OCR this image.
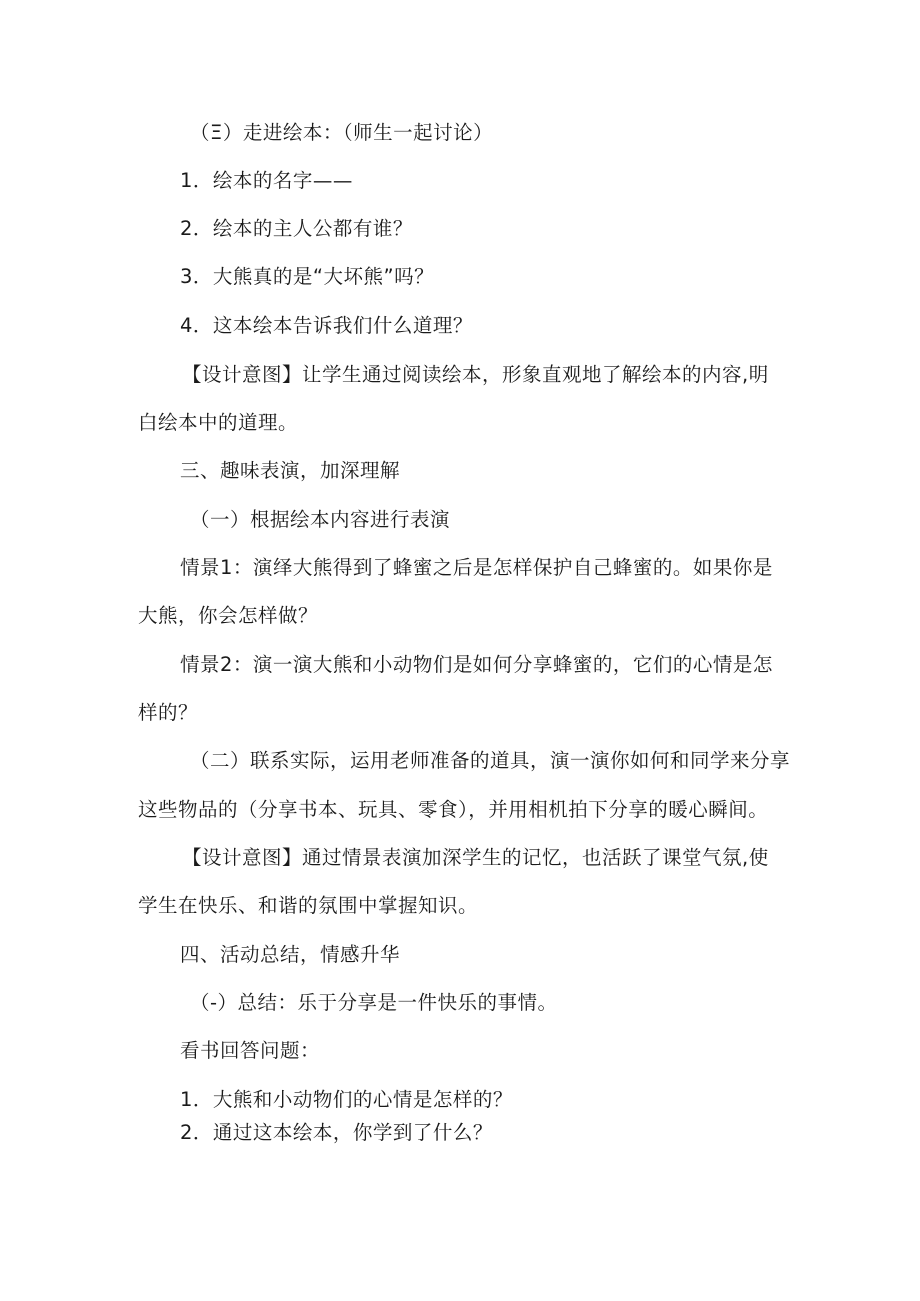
（Ξ）走进绘本：（师生一起讨论）
1．绘本的名字——
2．绘本的主人公都有谁？
3．大熊真的是“大坏熊”吗？
4．这本绘本告诉我们什么道理？
【设计意图】让学生通过阅读绘本，形象直观地了解绘本的内容,明
白绘本中的道理。
三、趣味表演，加深理解
（一）根据绘本内容进行表演
情景1：演绎大熊得到了蜂蜜之后是怎样保护自己蜂蜜的。如果你是
大熊，你会怎样做？
情景2：演一演大熊和小动物们是如何分享蜂蜜的，它们的心情是怎
样的？
（二）联系实际，运用老师准备的道具，演一演你如何和同学来分享
这些物品的（分享书本、玩具、零食），并用相机拍下分享的暖心瞬间。
【设计意图】通过情景表演加深学生的记忆，也活跃了课堂气氛,使
学生在快乐、和谐的氛围中掌握知识。
四、活动总结，情感升华
（-）总结：乐于分享是一件快乐的事情。
看书回答问题：
1．大熊和小动物们的心情是怎样的？
2．通过这本绘本，你学到了什么？
